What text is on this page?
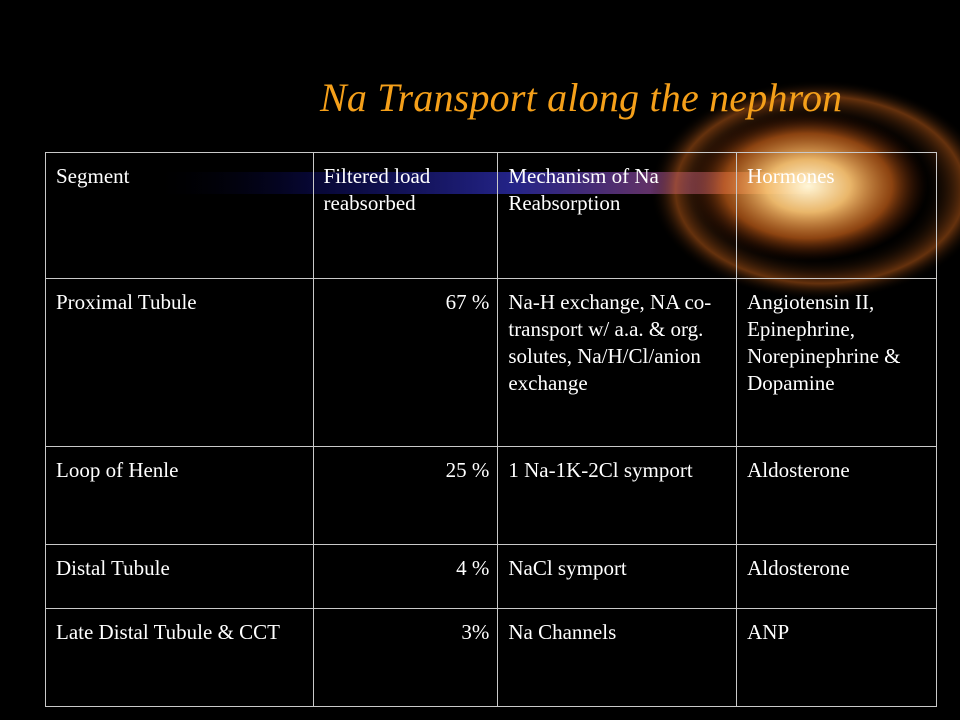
Na Transport along the nephron
Segment	Filtered load reabsorbed	Mechanism of Na Reabsorption	Hormones
Proximal Tubule	67 %	Na-H exchange, NA co-transport w/ a.a. & org. solutes, Na/H/Cl/anion exchange	Angiotensin II, Epinephrine, Norepinephrine & Dopamine
Loop of Henle	25 %	1 Na-1K-2Cl symport	Aldosterone
Distal Tubule	4 %	NaCl symport	Aldosterone
Late Distal Tubule & CCT	3%	Na Channels	ANP
